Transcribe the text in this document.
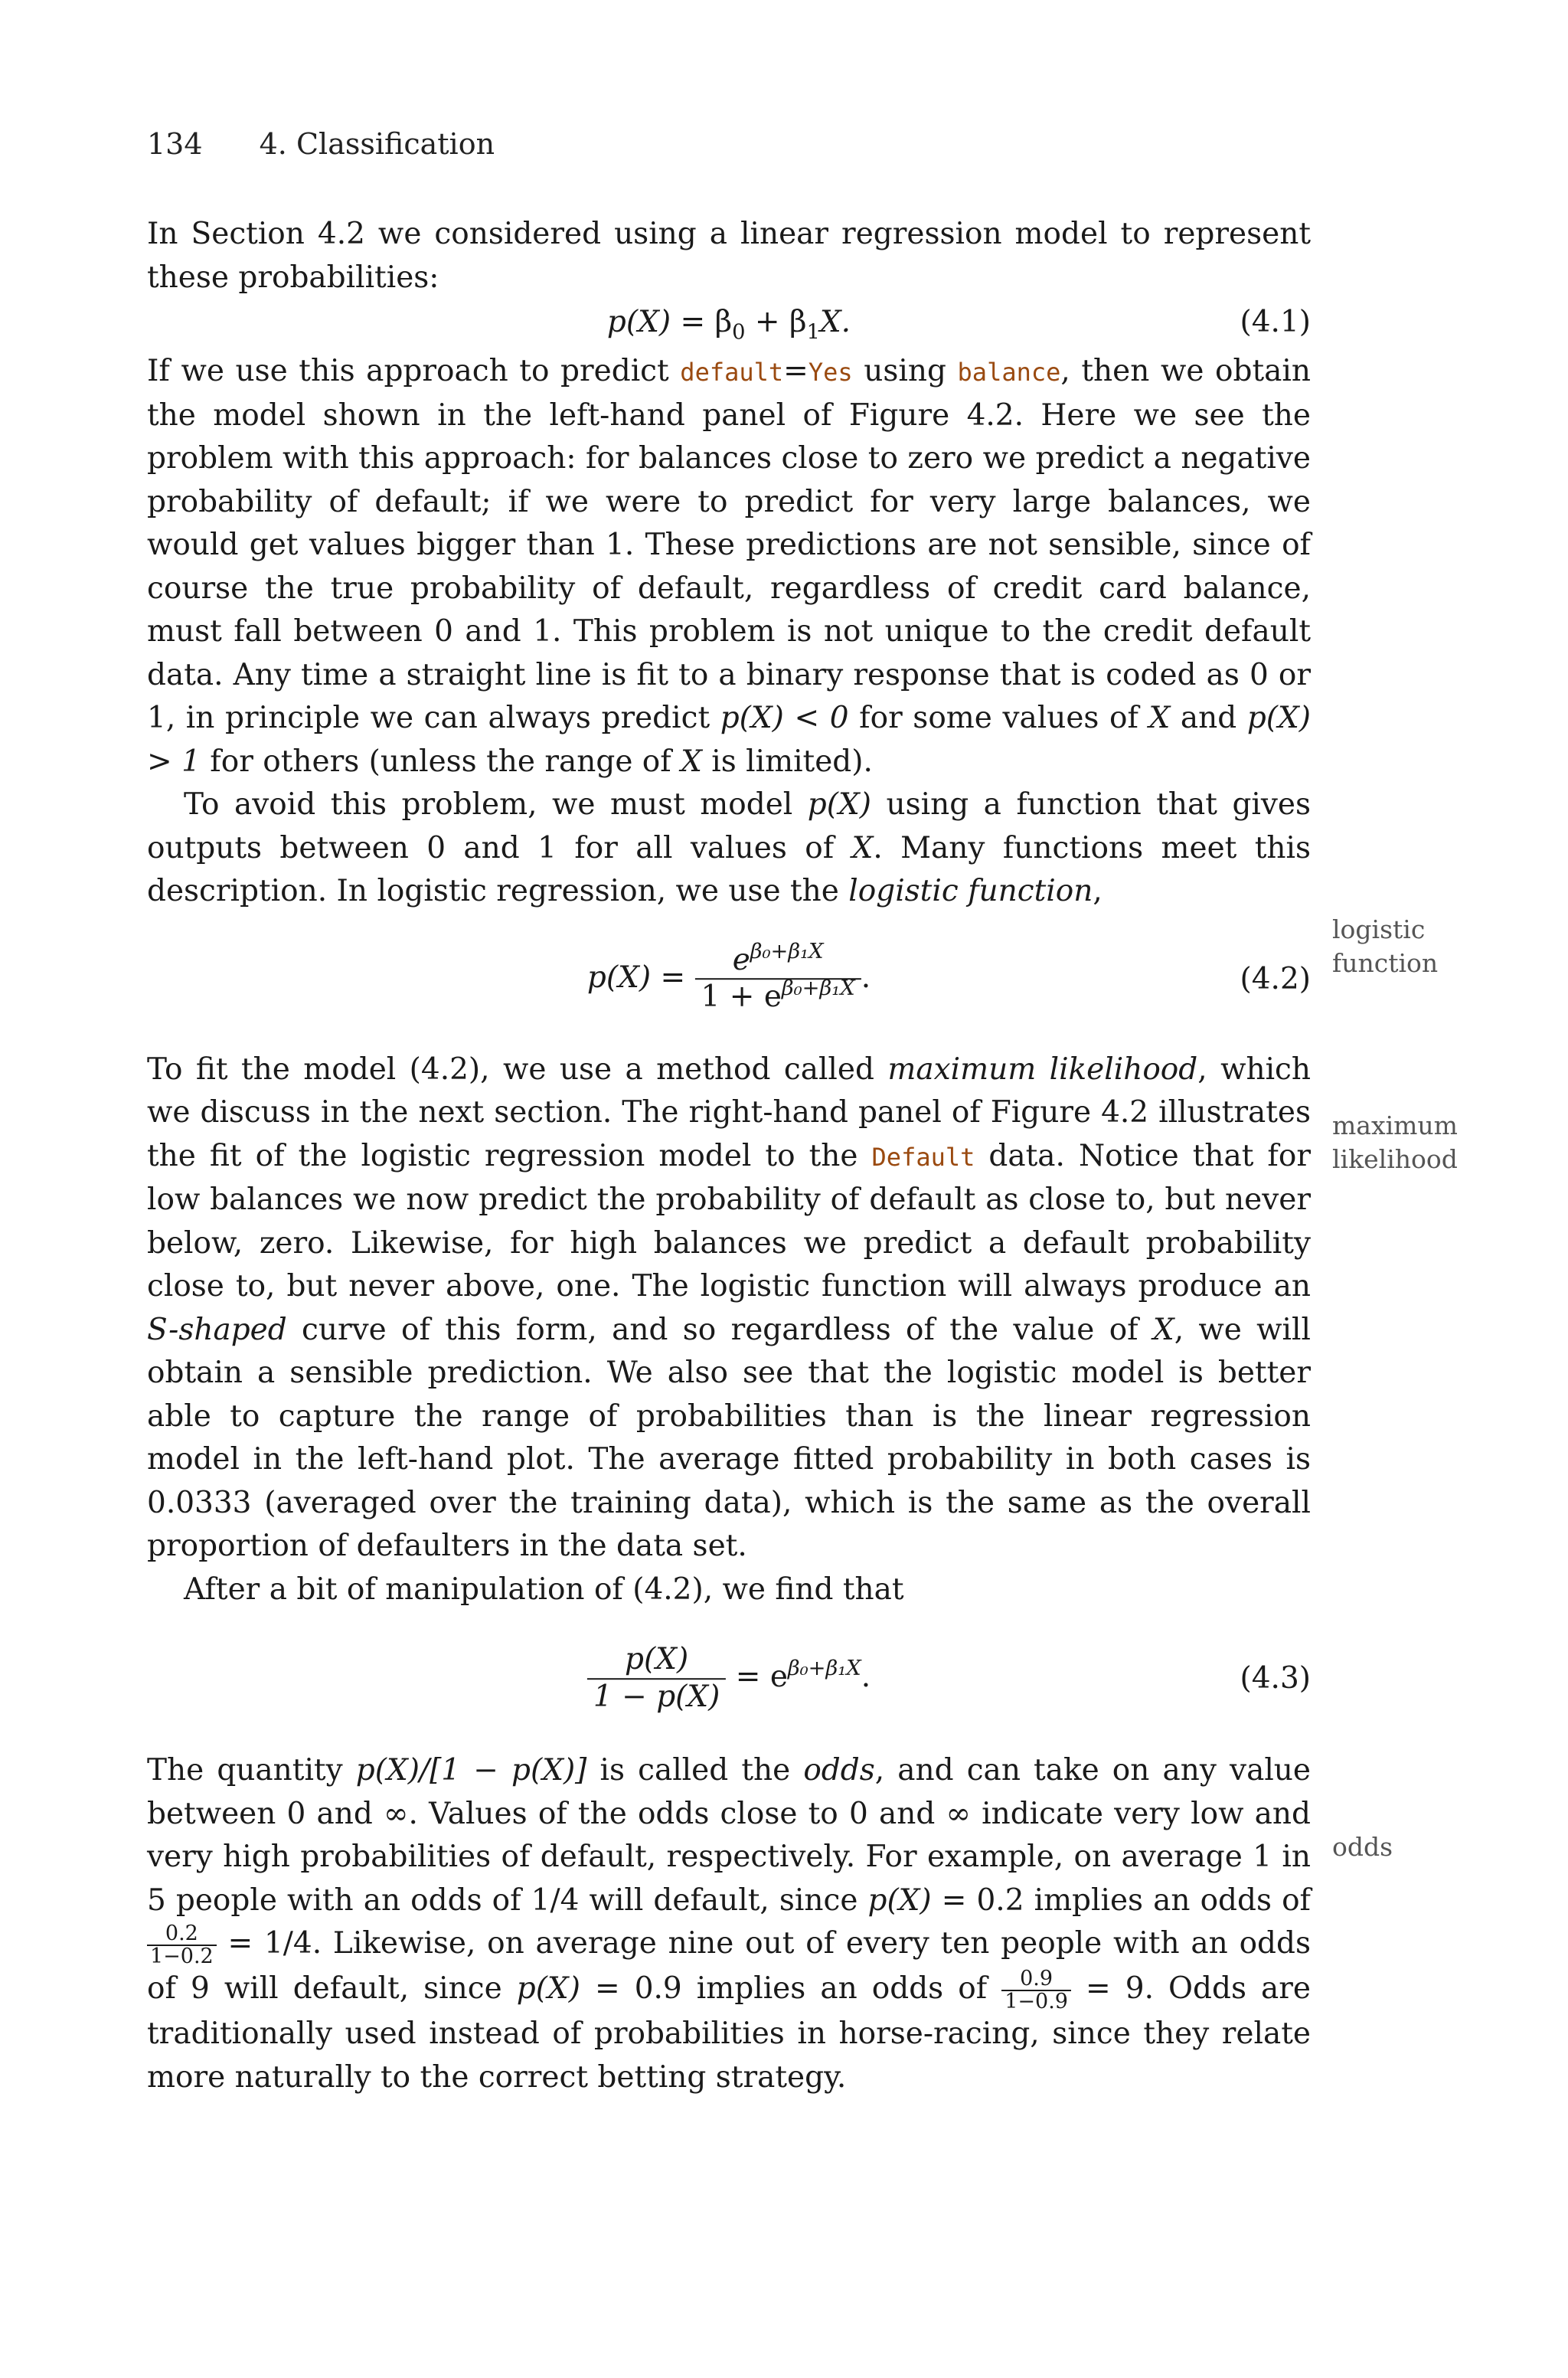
134 4. Classification

In Section 4.2 we considered using a linear regression model to represent these probabilities:

$p(X) = \beta_0 + \beta_1X$.	(4.1)

If we use this approach to predict default=Yes using balance, then we obtain the model shown in the left-hand panel of Figure 4.2. Here we see the problem with this approach: for balances close to zero we predict a negative probability of default; if we were to predict for very large balances, we would get values bigger than 1. These predictions are not sensible, since of course the true probability of default, regardless of credit card balance, must fall between 0 and 1. This problem is not unique to the credit default data. Any time a straight line is fit to a binary response that is coded as 0 or 1, in principle we can always predict p(X) < 0 for some values of X and p(X) > 1 for others (unless the range of X is limited).

To avoid this problem, we must model p(X) using a function that gives outputs between 0 and 1 for all values of X. Many functions meet this description. In logistic regression, we use the logistic function,

$p(X) = \frac{e^{\beta_0+\beta_1X}}{1 + e^{\beta_0+\beta_1X}}$ .	(4.2)

To fit the model (4.2), we use a method called maximum likelihood, which we discuss in the next section. The right-hand panel of Figure 4.2 illustrates the fit of the logistic regression model to the Default data. Notice that for low balances we now predict the probability of default as close to, but never below, zero. Likewise, for high balances we predict a default probability close to, but never above, one. The logistic function will always produce an S-shaped curve of this form, and so regardless of the value of X, we will obtain a sensible prediction. We also see that the logistic model is better able to capture the range of probabilities than is the linear regression model in the left-hand plot. The average fitted probability in both cases is 0.0333 (averaged over the training data), which is the same as the overall proportion of defaulters in the data set.

After a bit of manipulation of (4.2), we find that

$\frac{p(X)}{1 - p(X)} = e^{\beta_0+\beta_1X}$.	(4.3)

The quantity p(X)/[1 − p(X)] is called the odds, and can take on any value between 0 and ∞. Values of the odds close to 0 and ∞ indicate very low and very high probabilities of default, respectively. For example, on average 1 in 5 people with an odds of 1/4 will default, since p(X) = 0.2 implies an odds of
$\frac{0.2}{1-0.2} = 1/4$. Likewise, on average nine out of every ten people with an odds of 9 will default, since p(X) = 0.9 implies an odds of $\frac{0.9}{1-0.9} = 9$. Odds are traditionally used instead of probabilities in horse-racing, since they relate more naturally to the correct betting strategy.

logistic function
maximum likelihood
odds
